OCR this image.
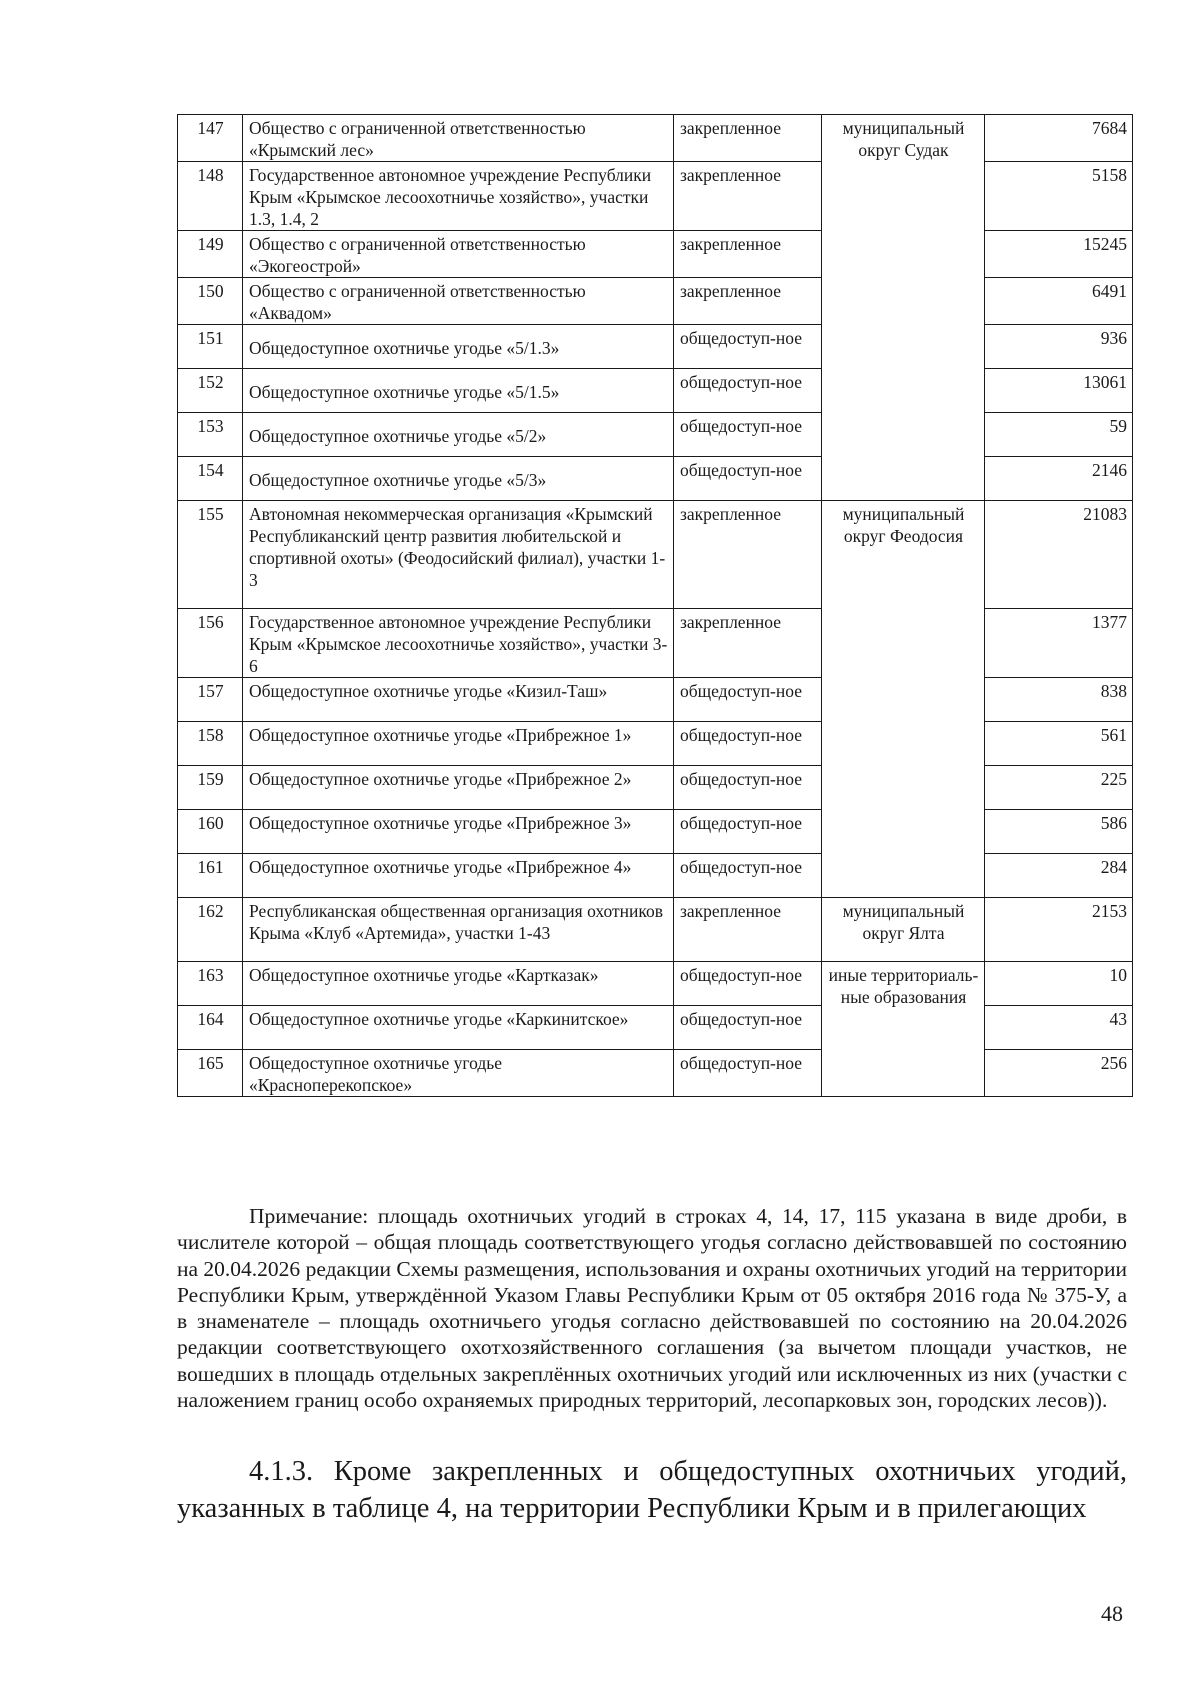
147	Общество с ограниченной ответственностью «Крымский лес»	закрепленное	муниципальный округ Судак	7684
148	Государственное автономное учреждение Республики Крым «Крымское лесоохотничье хозяйство», участки 1.3, 1.4, 2	закрепленное		5158
149	Общество с ограниченной ответственностью «Экогеострой»	закрепленное		15245
150	Общество с ограниченной ответственностью «Аквадом»	закрепленное		6491
151	Общедоступное охотничье угодье «5/1.3»	общедоступ-ное		936
152	Общедоступное охотничье угодье «5/1.5»	общедоступ-ное		13061
153	Общедоступное охотничье угодье «5/2»	общедоступ-ное		59
154	Общедоступное охотничье угодье «5/3»	общедоступ-ное		2146
155	Автономная некоммерческая организация «Крымский Республиканский центр развития любительской и спортивной охоты» (Феодосийский филиал), участки 1-3	закрепленное	муниципальный округ Феодосия	21083
156	Государственное автономное учреждение Республики Крым «Крымское лесоохотничье хозяйство», участки 3-6	закрепленное		1377
157	Общедоступное охотничье угодье «Кизил-Таш»	общедоступ-ное		838
158	Общедоступное охотничье угодье «Прибрежное 1»	общедоступ-ное		561
159	Общедоступное охотничье угодье «Прибрежное 2»	общедоступ-ное		225
160	Общедоступное охотничье угодье «Прибрежное 3»	общедоступ-ное		586
161	Общедоступное охотничье угодье «Прибрежное 4»	общедоступ-ное		284
162	Республиканская общественная организация охотников Крыма «Клуб «Артемида», участки 1-43	закрепленное	муниципальный округ Ялта	2153
163	Общедоступное охотничье угодье «Картказак»	общедоступ-ное	иные территориаль-ные образования	10
164	Общедоступное охотничье угодье «Каркинитское»	общедоступ-ное		43
165	Общедоступное охотничье угодье «Красноперекопское»	общедоступ-ное		256

Примечание: площадь охотничьих угодий в строках 4, 14, 17, 115 указана в виде дроби, в числителе которой – общая площадь соответствующего угодья согласно действовавшей по состоянию на 20.04.2026 редакции Схемы размещения, использования и охраны охотничьих угодий на территории Республики Крым, утверждённой Указом Главы Республики Крым от 05 октября 2016 года № 375-У, а в знаменателе – площадь охотничьего угодья согласно действовавшей по состоянию на 20.04.2026 редакции соответствующего охотхозяйственного соглашения (за вычетом площади участков, не вошедших в площадь отдельных закреплённых охотничьих угодий или исключенных из них (участки с наложением границ особо охраняемых природных территорий, лесопарковых зон, городских лесов)).

4.1.3. Кроме закрепленных и общедоступных охотничьих угодий, указанных в таблице 4, на территории Республики Крым и в прилегающих

48
